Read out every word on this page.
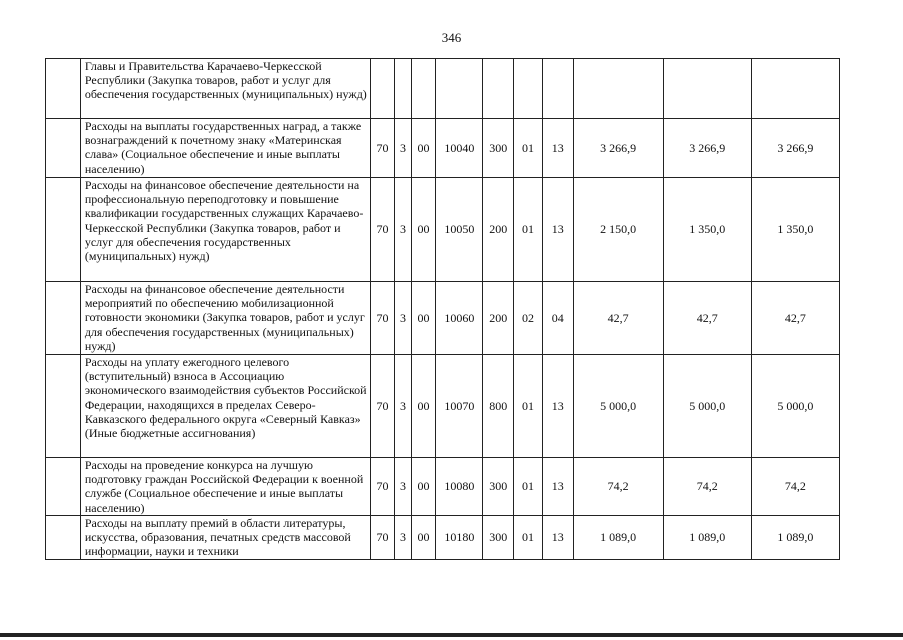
346
	Главы и Правительства Карачаево-Черкесской Республики (Закупка товаров, работ и услуг для обеспечения государственных (муниципальных) нужд)										
	Расходы на выплаты государственных наград, а также вознаграждений к почетному знаку «Материнская слава» (Социальное обеспечение и иные выплаты населению)	70	3	00	10040	300	01	13	3 266,9	3 266,9	3 266,9
	Расходы на финансовое обеспечение деятельности на профессиональную переподготовку и повышение квалификации государственных служащих Карачаево-Черкесской Республики (Закупка товаров, работ и услуг для обеспечения государственных (муниципальных) нужд)	70	3	00	10050	200	01	13	2 150,0	1 350,0	1 350,0
	Расходы на финансовое обеспечение деятельности мероприятий по обеспечению мобилизационной готовности экономики (Закупка товаров, работ и услуг для обеспечения государственных (муниципальных) нужд)	70	3	00	10060	200	02	04	42,7	42,7	42,7
	Расходы на уплату ежегодного целевого (вступительный) взноса в Ассоциацию экономического взаимодействия субъектов Российской Федерации, находящихся в пределах Северо-Кавказского федерального округа «Северный Кавказ» (Иные бюджетные ассигнования)	70	3	00	10070	800	01	13	5 000,0	5 000,0	5 000,0
	Расходы на проведение конкурса на лучшую подготовку граждан Российской Федерации к военной службе (Социальное обеспечение и иные выплаты населению)	70	3	00	10080	300	01	13	74,2	74,2	74,2
	Расходы на выплату премий в области литературы, искусства, образования, печатных средств массовой информации, науки и техники	70	3	00	10180	300	01	13	1 089,0	1 089,0	1 089,0
